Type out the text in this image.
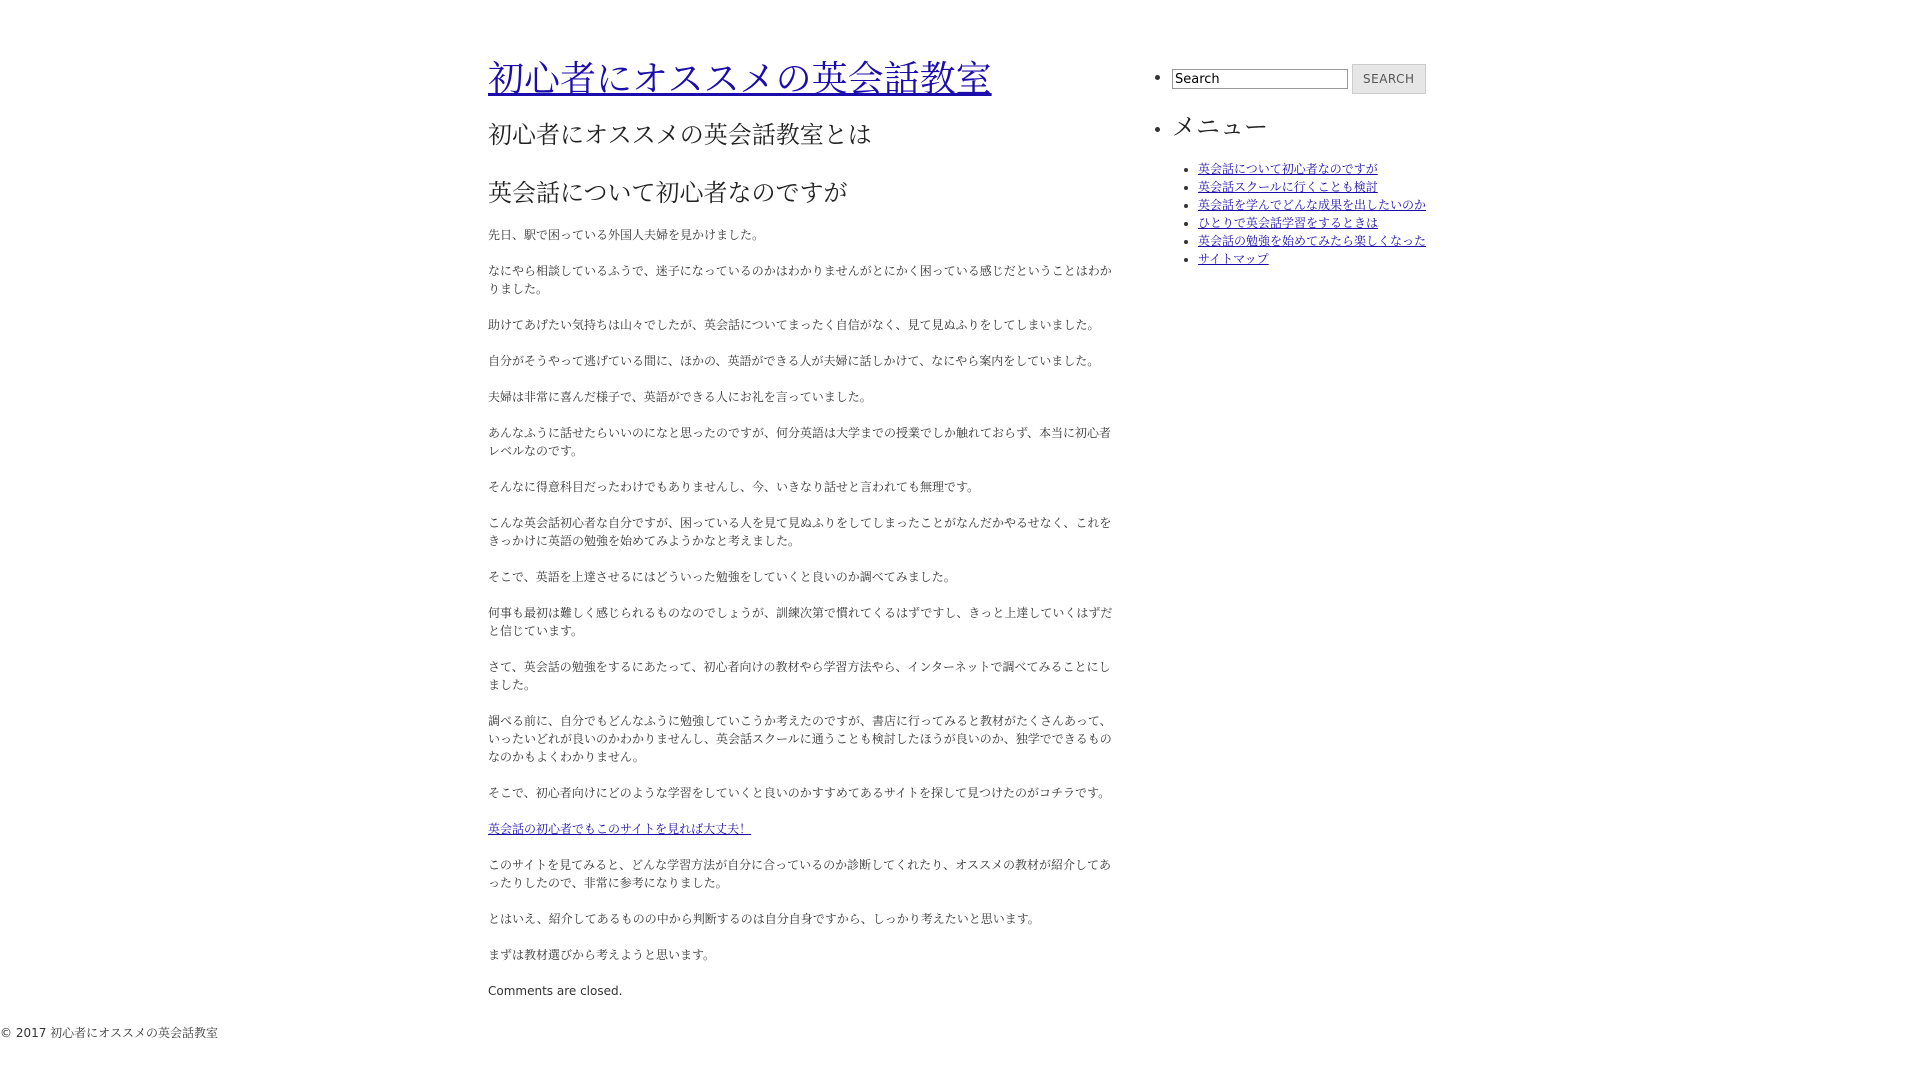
初心者にオススメの英会話教室
初心者にオススメの英会話教室とは
英会話について初心者なのですが

先日、駅で困っている外国人夫婦を見かけました。

なにやら相談しているふうで、迷子になっているのかはわかりませんがとにかく困っている感じだということはわかりました。

助けてあげたい気持ちは山々でしたが、英会話についてまったく自信がなく、見て見ぬふりをしてしまいました。

自分がそうやって逃げている間に、ほかの、英語ができる人が夫婦に話しかけて、なにやら案内をしていました。

夫婦は非常に喜んだ様子で、英語ができる人にお礼を言っていました。

あんなふうに話せたらいいのになと思ったのですが、何分英語は大学までの授業でしか触れておらず、本当に初心者レベルなのです。

そんなに得意科目だったわけでもありませんし、今、いきなり話せと言われても無理です。

こんな英会話初心者な自分ですが、困っている人を見て見ぬふりをしてしまったことがなんだかやるせなく、これをきっかけに英語の勉強を始めてみようかなと考えました。

そこで、英語を上達させるにはどういった勉強をしていくと良いのか調べてみました。

何事も最初は難しく感じられるものなのでしょうが、訓練次第で慣れてくるはずですし、きっと上達していくはずだと信じています。

さて、英会話の勉強をするにあたって、初心者向けの教材やら学習方法やら、インターネットで調べてみることにしました。

調べる前に、自分でもどんなふうに勉強していこうか考えたのですが、書店に行ってみると教材がたくさんあって、いったいどれが良いのかわかりませんし、英会話スクールに通うことも検討したほうが良いのか、独学でできるものなのかもよくわかりません。

そこで、初心者向けにどのような学習をしていくと良いのかすすめてあるサイトを探して見つけたのがコチラです。

英会話の初心者でもこのサイトを見れば大丈夫！

このサイトを見てみると、どんな学習方法が自分に合っているのか診断してくれたり、オススメの教材が紹介してあったりしたので、非常に参考になりました。

とはいえ、紹介してあるものの中から判断するのは自分自身ですから、しっかり考えたいと思います。

まずは教材選びから考えようと思います。

Comments are closed.

Search
• SEARCH
• メニュー
• 英会話について初心者なのですが
• 英会話スクールに行くことも検討
• 英会話を学んでどんな成果を出したいのか
• ひとりで英会話学習をするときは
• 英会話の勉強を始めてみたら楽しくなった
• サイトマップ
© 2017 初心者にオススメの英会話教室
